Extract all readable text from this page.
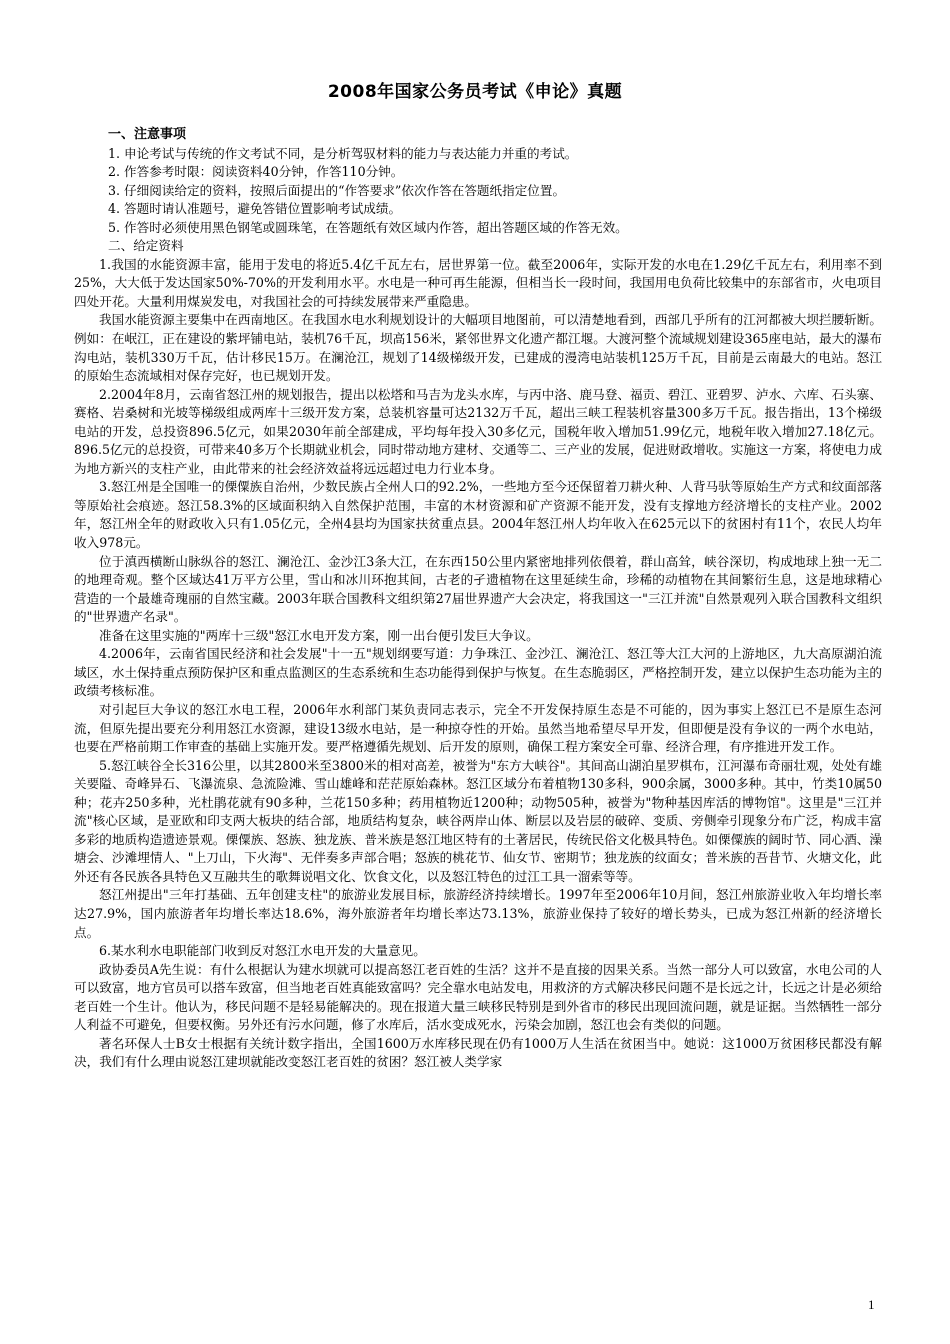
2008年国家公务员考试《申论》真题
一、注意事项
1. 申论考试与传统的作文考试不同，是分析驾驭材料的能力与表达能力并重的考试。
2. 作答参考时限：阅读资料40分钟，作答110分钟。
3. 仔细阅读给定的资料，按照后面提出的“作答要求”依次作答在答题纸指定位置。
4. 答题时请认准题号，避免答错位置影响考试成绩。
5. 作答时必须使用黑色钢笔或圆珠笔，在答题纸有效区域内作答，超出答题区域的作答无效。
二、给定资料

1.我国的水能资源丰富，能用于发电的将近5.4亿千瓦左右，居世界第一位。截至2006年，实际开发的水电在1.29亿千瓦左右，利用率不到25%，大大低于发达国家50%-70%的开发利用水平。水电是一种可再生能源，但相当长一段时间，我国用电负荷比较集中的东部省市，火电项目四处开花。大量利用煤炭发电，对我国社会的可持续发展带来严重隐患。

我国水能资源主要集中在西南地区。在我国水电水利规划设计的大幅项目地图前，可以清楚地看到，西部几乎所有的江河都被大坝拦腰斩断。例如：在岷江，正在建设的紫坪铺电站，装机76千瓦，坝高156米，紧邻世界文化遗产都江堰。大渡河整个流域规划建设365座电站，最大的瀑布沟电站，装机330万千瓦，估计移民15万。在澜沧江，规划了14级梯级开发，已建成的漫湾电站装机125万千瓦，目前是云南最大的电站。怒江的原始生态流域相对保存完好，也已规划开发。

2.2004年8月，云南省怒江州的规划报告，提出以松塔和马吉为龙头水库，与丙中洛、鹿马登、福贡、碧江、亚碧罗、泸水、六库、石头寨、赛格、岩桑树和光坡等梯级组成两库十三级开发方案，总装机容量可达2132万千瓦，超出三峡工程装机容量300多万千瓦。报告指出，13个梯级电站的开发，总投资896.5亿元，如果2030年前全部建成，平均每年投入30多亿元，国税年收入增加51.99亿元，地税年收入增加27.18亿元。896.5亿元的总投资，可带来40多万个长期就业机会，同时带动地方建材、交通等二、三产业的发展，促进财政增收。实施这一方案，将使电力成为地方新兴的支柱产业，由此带来的社会经济效益将远远超过电力行业本身。

3.怒江州是全国唯一的傈僳族自治州，少数民族占全州人口的92.2%，一些地方至今还保留着刀耕火种、人背马驮等原始生产方式和纹面部落等原始社会痕迹。怒江58.3%的区域面积纳入自然保护范围，丰富的木材资源和矿产资源不能开发，没有支撑地方经济增长的支柱产业。2002年，怒江州全年的财政收入只有1.05亿元，全州4县均为国家扶贫重点县。2004年怒江州人均年收入在625元以下的贫困村有11个，农民人均年收入978元。

位于滇西横断山脉纵谷的怒江、澜沧江、金沙江3条大江，在东西150公里内紧密地排列依偎着，群山高耸，峡谷深切，构成地球上独一无二的地理奇观。整个区域达41万平方公里，雪山和冰川环抱其间，古老的孑遗植物在这里延续生命，珍稀的动植物在其间繁衍生息，这是地球精心营造的一个最雄奇瑰丽的自然宝藏。2003年联合国教科文组织第27届世界遗产大会决定，将我国这一"三江并流"自然景观列入联合国教科文组织的"世界遗产名录"。

准备在这里实施的"两库十三级"怒江水电开发方案，刚一出台便引发巨大争议。

4.2006年，云南省国民经济和社会发展"十一五"规划纲要写道：力争珠江、金沙江、澜沧江、怒江等大江大河的上游地区，九大高原湖泊流域区，水土保持重点预防保护区和重点监测区的生态系统和生态功能得到保护与恢复。在生态脆弱区，严格控制开发，建立以保护生态功能为主的政绩考核标准。

对引起巨大争议的怒江水电工程，2006年水利部门某负责同志表示，完全不开发保持原生态是不可能的，因为事实上怒江已不是原生态河流，但原先提出要充分利用怒江水资源，建设13级水电站，是一种掠夺性的开始。虽然当地希望尽早开发，但即便是没有争议的一两个水电站，也要在严格前期工作审查的基础上实施开发。要严格遵循先规划、后开发的原则，确保工程方案安全可靠、经济合理，有序推进开发工作。

5.怒江峡谷全长316公里，以其2800米至3800米的相对高差，被誉为"东方大峡谷"。其间高山湖泊星罗棋布，江河瀑布奇丽壮观，处处有雄关要隘、奇峰异石、飞瀑流泉、急流险滩、雪山雄峰和茫茫原始森林。怒江区域分布着植物130多科，900余属，3000多种。其中，竹类10属50种；花卉250多种，光杜鹃花就有90多种，兰花150多种；药用植物近1200种；动物505种，被誉为"物种基因库活的博物馆"。这里是"三江并流"核心区域，是亚欧和印支两大板块的结合部，地质结构复杂，峡谷两岸山体、断层以及岩层的破碎、变质、旁侧牵引现象分布广泛，构成丰富多彩的地质构造遗迹景观。傈僳族、怒族、独龙族、普米族是怒江地区特有的土著居民，传统民俗文化极具特色。如傈僳族的阔时节、同心酒、澡塘会、沙滩埋情人、"上刀山，下火海"、无伴奏多声部合唱；怒族的桃花节、仙女节、密期节；独龙族的纹面女；普米族的吾昔节、火塘文化，此外还有各民族各具特色又互融共生的歌舞说唱文化、饮食文化，以及怒江特色的过江工具一溜索等等。

怒江州提出"三年打基础、五年创建支柱"的旅游业发展目标，旅游经济持续增长。1997年至2006年10月间，怒江州旅游业收入年均增长率达27.9%，国内旅游者年均增长率达18.6%，海外旅游者年均增长率达73.13%，旅游业保持了较好的增长势头，已成为怒江州新的经济增长点。

6.某水利水电职能部门收到反对怒江水电开发的大量意见。

政协委员A先生说：有什么根据认为建水坝就可以提高怒江老百姓的生活？这并不是直接的因果关系。当然一部分人可以致富，水电公司的人可以致富，地方官员可以搭车致富，但当地老百姓真能致富吗？完全靠水电站发电，用救济的方式解决移民问题不是长远之计，长远之计是必须给老百姓一个生计。他认为，移民问题不是轻易能解决的。现在报道大量三峡移民特别是到外省市的移民出现回流问题，就是证据。当然牺牲一部分人利益不可避免，但要权衡。另外还有污水问题，修了水库后，活水变成死水，污染会加剧，怒江也会有类似的问题。

著名环保人士B女士根据有关统计数字指出，全国1600万水库移民现在仍有1000万人生活在贫困当中。她说：这1000万贫困移民都没有解决，我们有什么理由说怒江建坝就能改变怒江老百姓的贫困？怒江被人类学家

1
